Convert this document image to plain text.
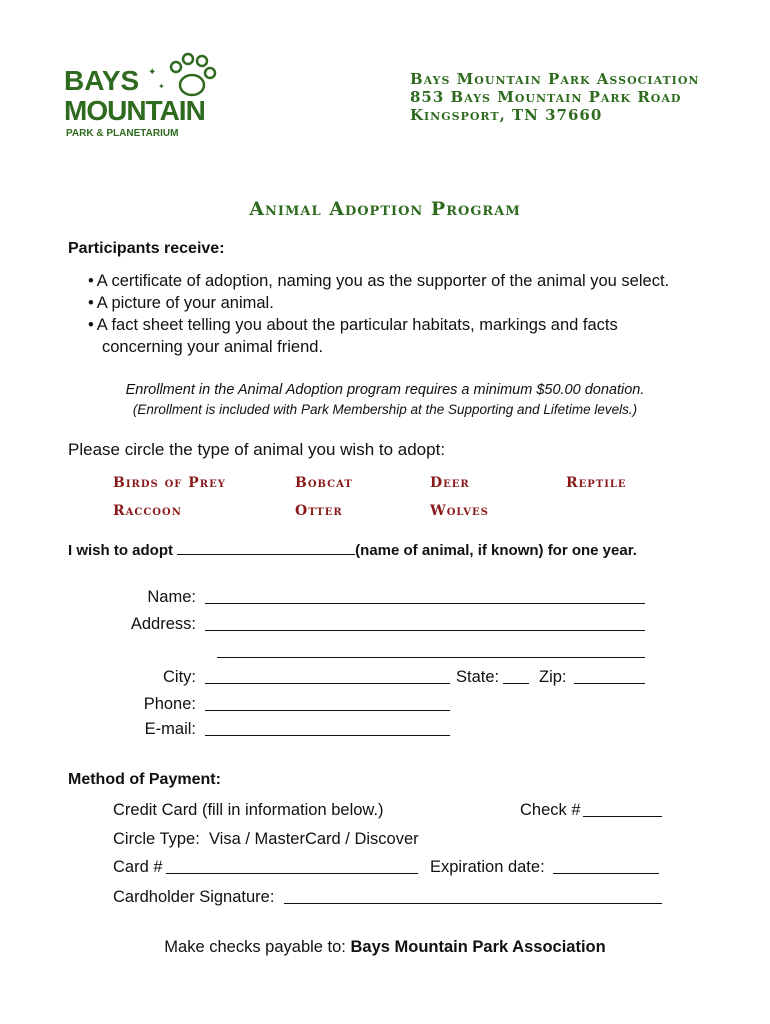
✦
✦
BAYS
MOUNTAIN
PARK & PLANETARIUM
Bays Mountain Park Association
853 Bays Mountain Park Road
Kingsport, TN 37660
Animal Adoption Program
Participants receive:
• A certificate of adoption, naming you as the supporter of the animal you select.
• A picture of your animal.
• A fact sheet telling you about the particular habitats, markings and facts
concerning your animal friend.
Enrollment in the Animal Adoption program requires a minimum $50.00 donation.
(Enrollment is included with Park Membership at the Supporting and Lifetime levels.)
Please circle the type of animal you wish to adopt:
Birds of Prey	Bobcat	Deer	Reptile
Raccoon	Otter	Wolves
I wish to adopt	(name of animal, if known) for one year.
Name:
Address:
City:	State: Zip:
Phone:
E-mail:
Method of Payment:
Credit Card (fill in information below.)	Check #
Circle Type:  Visa / MasterCard / Discover
Card #	Expiration date:
Cardholder Signature:
Make checks payable to: Bays Mountain Park Association
